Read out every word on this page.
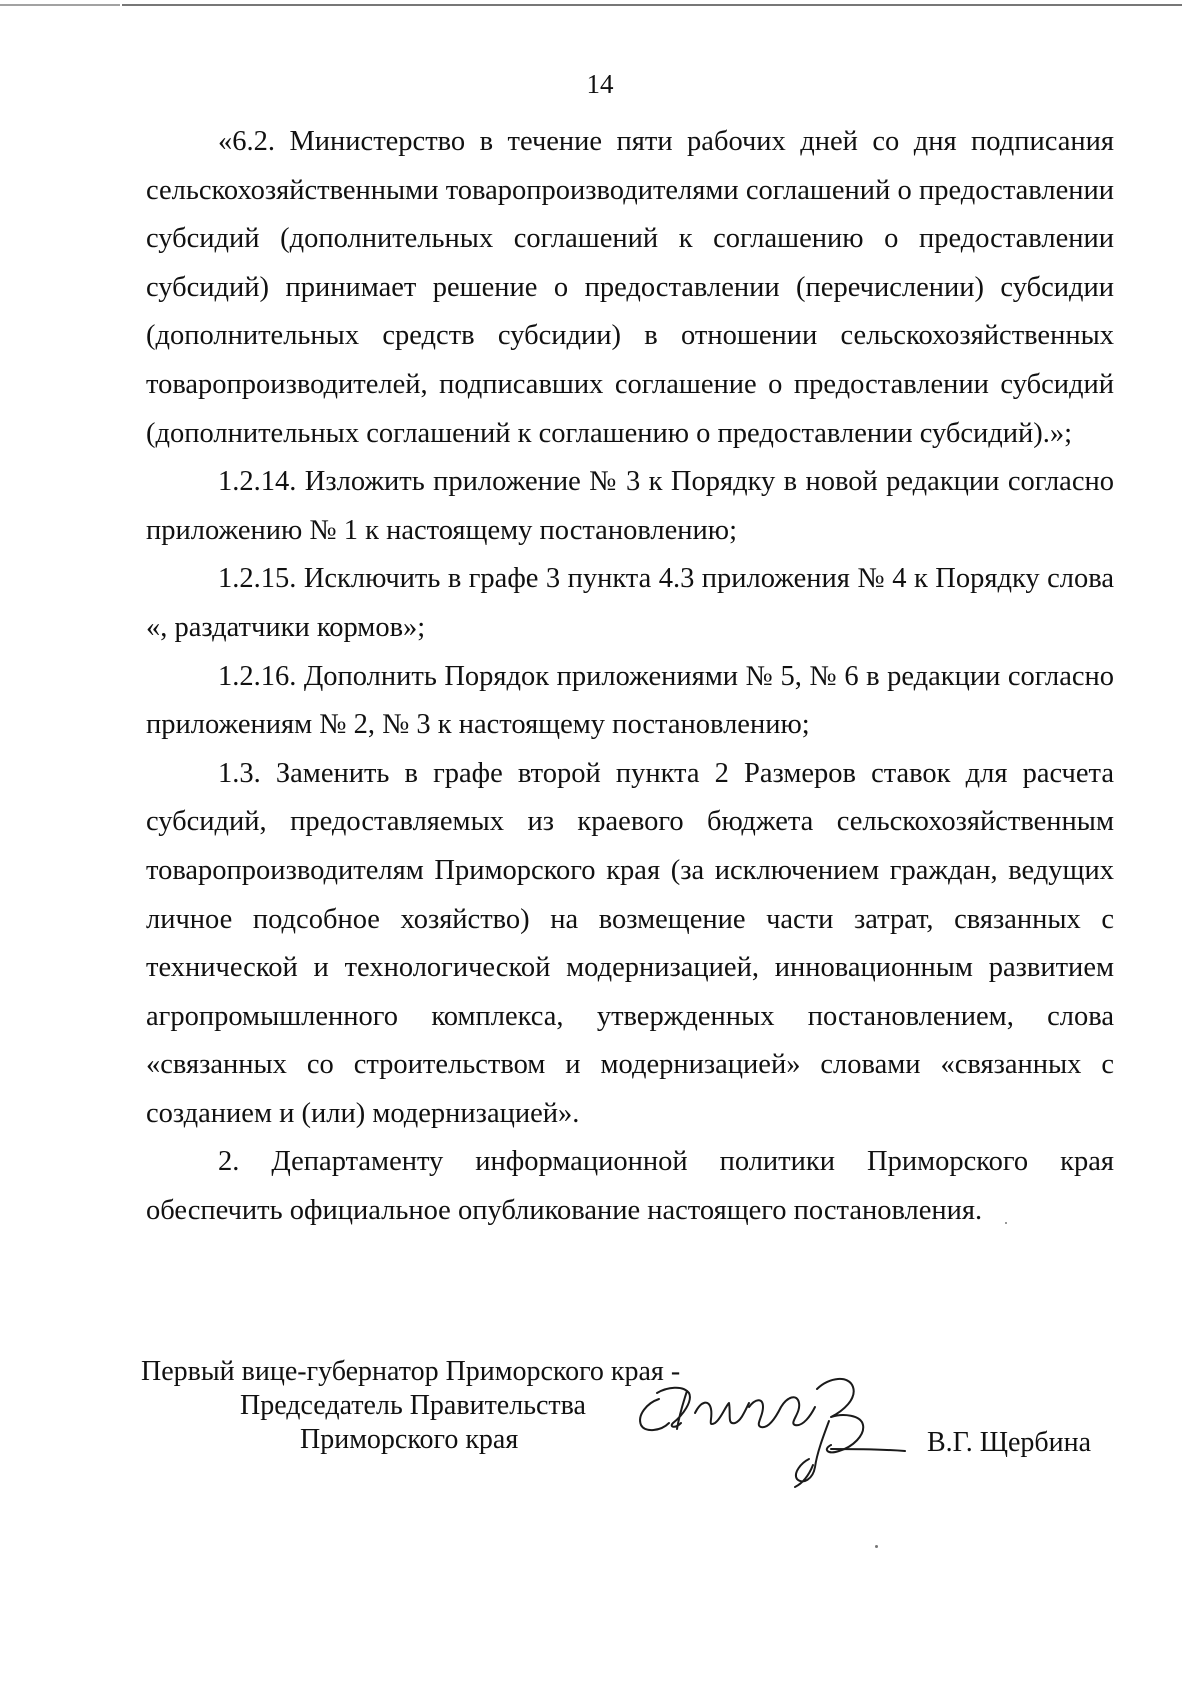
14

«6.2. Министерство в течение пяти рабочих дней со дня подписания сельскохозяйственными товаропроизводителями соглашений о предоставлении субсидий (дополнительных соглашений к соглашению о предоставлении субсидий) принимает решение о предоставлении (перечислении) субсидии (дополнительных средств субсидии) в отношении сельскохозяйственных товаропроизводителей, подписавших соглашение о предоставлении субсидий (дополнительных соглашений к соглашению о предоставлении субсидий).»;

1.2.14. Изложить приложение № 3 к Порядку в новой редакции согласно приложению № 1 к настоящему постановлению;

1.2.15. Исключить в графе 3 пункта 4.3 приложения № 4 к Порядку слова «, раздатчики кормов»;

1.2.16. Дополнить Порядок приложениями № 5, № 6 в редакции согласно приложениям № 2, № 3 к настоящему постановлению;

1.3. Заменить в графе второй пункта 2 Размеров ставок для расчета субсидий, предоставляемых из краевого бюджета сельскохозяйственным товаропроизводителям Приморского края (за исключением граждан, ведущих личное подсобное хозяйство) на возмещение части затрат, связанных с технической и технологической модернизацией, инновационным развитием агропромышленного комплекса, утвержденных постановлением, слова «связанных со строительством и модернизацией» словами «связанных с созданием и (или) модернизацией».

2. Департаменту информационной политики Приморского края обеспечить официальное опубликование настоящего постановления.

Первый вице-губернатор Приморского края -
Председатель Правительства
Приморского края	В.Г. Щербина
